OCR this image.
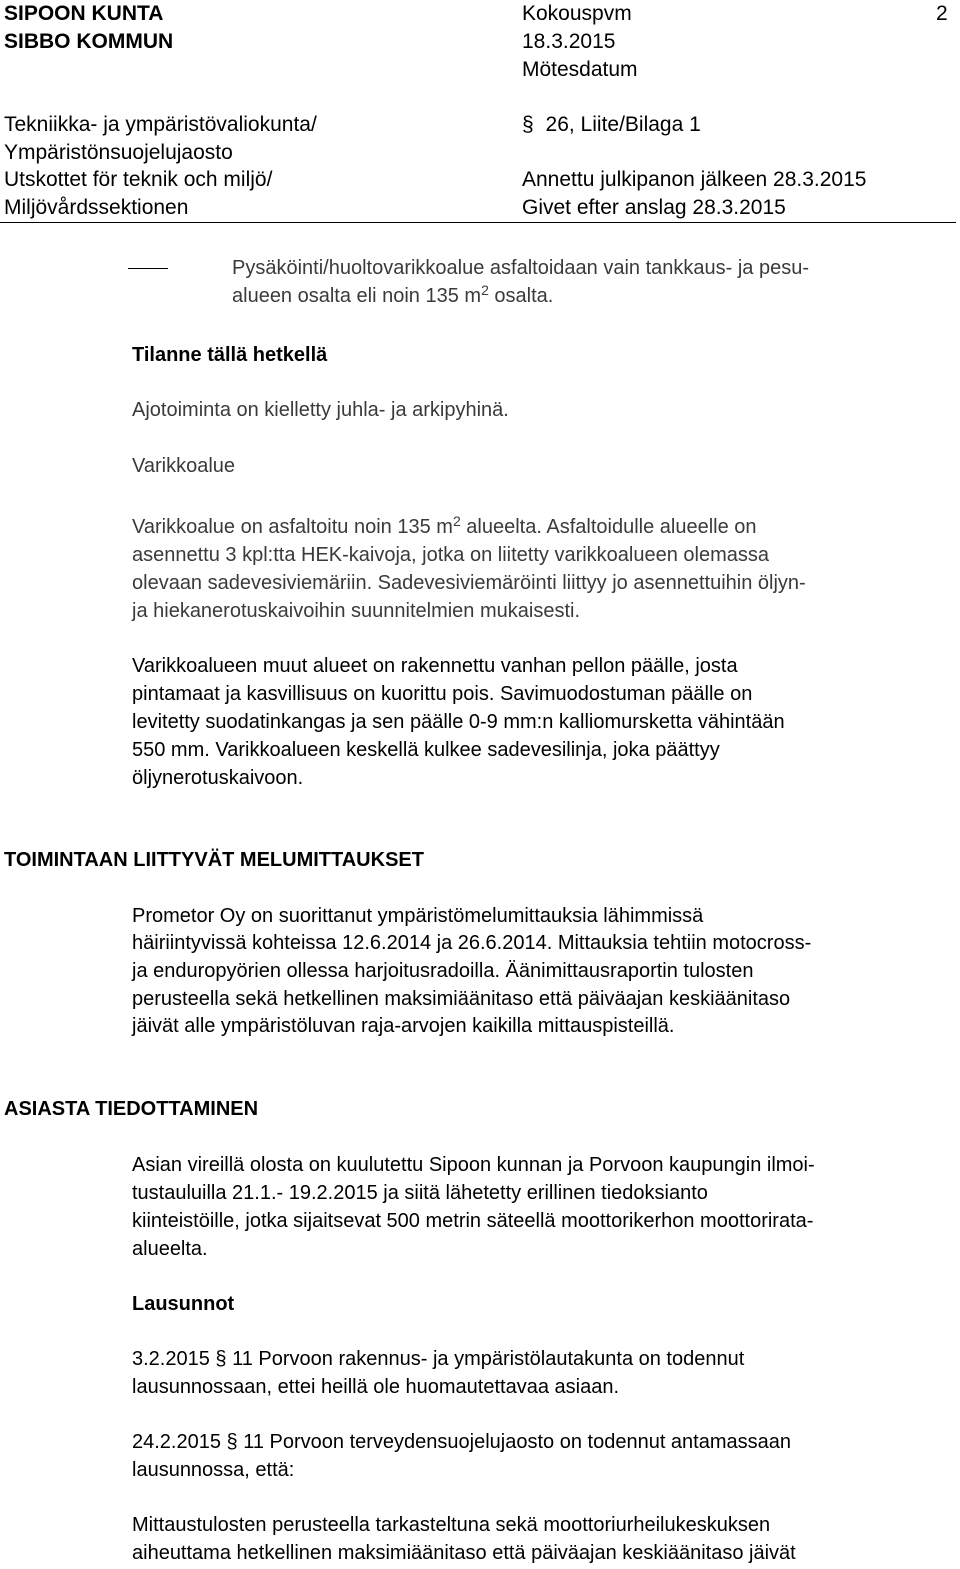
SIPOON KUNTA
SIBBO KOMMUN
Kokouspvm
18.3.2015
Mötesdatum
2
Tekniikka- ja ympäristövaliokunta/
Ympäristönsuojelujaosto
Utskottet för teknik och miljö/
Miljövårdssektionen
§ 26, Liite/Bilaga 1
Annettu julkipanon jälkeen 28.3.2015
Givet efter anslag 28.3.2015
Pysäköinti/huoltovarikkoalue asfaltoidaan vain tankkaus- ja pesu-
alueen osalta eli noin 135 $m^2$ osalta.
Tilanne tällä hetkellä
Ajotoiminta on kielletty juhla- ja arkipyhinä.
Varikkoalue
Varikkoalue on asfaltoitu noin 135 $m^2$ alueelta. Asfaltoidulle alueelle on
asennettu 3 kpl:tta HEK-kaivoja, jotka on liitetty varikkoalueen olemassa
olevaan sadevesiviemäriin. Sadevesiviemäröinti liittyy jo asennettuihin öljyn-
ja hiekanerotuskaivoihin suunnitelmien mukaisesti.
Varikkoalueen muut alueet on rakennettu vanhan pellon päälle, josta
pintamaat ja kasvillisuus on kuorittu pois. Savimuodostuman päälle on
levitetty suodatinkangas ja sen päälle 0-9 mm:n kalliomursketta vähintään
550 mm. Varikkoalueen keskellä kulkee sadevesilinja, joka päättyy
öljynerotuskaivoon.
TOIMINTAAN LIITTYVÄT MELUMITTAUKSET
Prometor Oy on suorittanut ympäristömelumittauksia lähimmissä
häiriintyvissä kohteissa 12.6.2014 ja 26.6.2014. Mittauksia tehtiin motocross-
ja enduropyörien ollessa harjoitusradoilla. Äänimittausraportin tulosten
perusteella sekä hetkellinen maksimiäänitaso että päiväajan keskiäänitaso
jäivät alle ympäristöluvan raja-arvojen kaikilla mittauspisteillä.
ASIASTA TIEDOTTAMINEN
Asian vireillä olosta on kuulutettu Sipoon kunnan ja Porvoon kaupungin ilmoi-
tustauluilla 21.1.- 19.2.2015 ja siitä lähetetty erillinen tiedoksianto
kiinteistöille, jotka sijaitsevat 500 metrin säteellä moottorikerhon moottorirata-
alueelta.
Lausunnot
3.2.2015 § 11 Porvoon rakennus- ja ympäristölautakunta on todennut
lausunnossaan, ettei heillä ole huomautettavaa asiaan.
24.2.2015 § 11 Porvoon terveydensuojelujaosto on todennut antamassaan
lausunnossa, että:
Mittaustulosten perusteella tarkasteltuna sekä moottoriurheilukeskuksen
aiheuttama hetkellinen maksimiäänitaso että päiväajan keskiäänitaso jäivät
